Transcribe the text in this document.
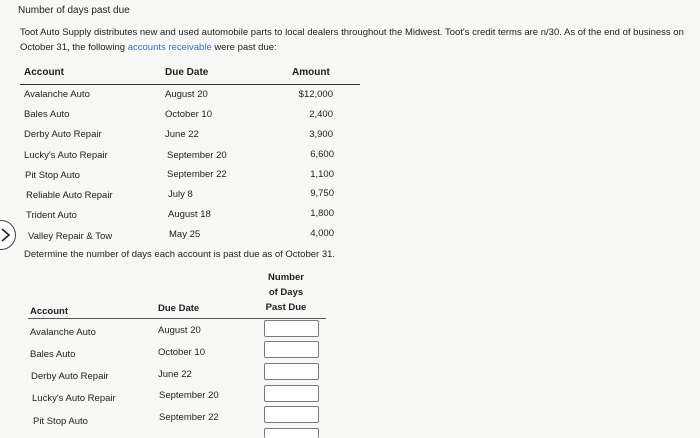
Number of days past due
Toot Auto Supply distributes new and used automobile parts to local dealers throughout the Midwest. Toot's credit terms are n/30. As of the end of business on October 31, the following accounts receivable were past due:
Account	Due Date	Amount
Avalanche Auto	August 20	$12,000
Bales Auto	October 10	2,400
Derby Auto Repair	June 22	3,900
Lucky's Auto Repair	September 20	6,600
Pit Stop Auto	September 22	1,100
Reliable Auto Repair	July 8	9,750
Trident Auto	August 18	1,800
Valley Repair & Tow	May 25	4,000
Determine the number of days each account is past due as of October 31.
Number
of Days
Past Due
Account	Due Date
Avalanche Auto	August 20
Bales Auto	October 10
Derby Auto Repair	June 22
Lucky's Auto Repair	September 20
Pit Stop Auto	September 22
